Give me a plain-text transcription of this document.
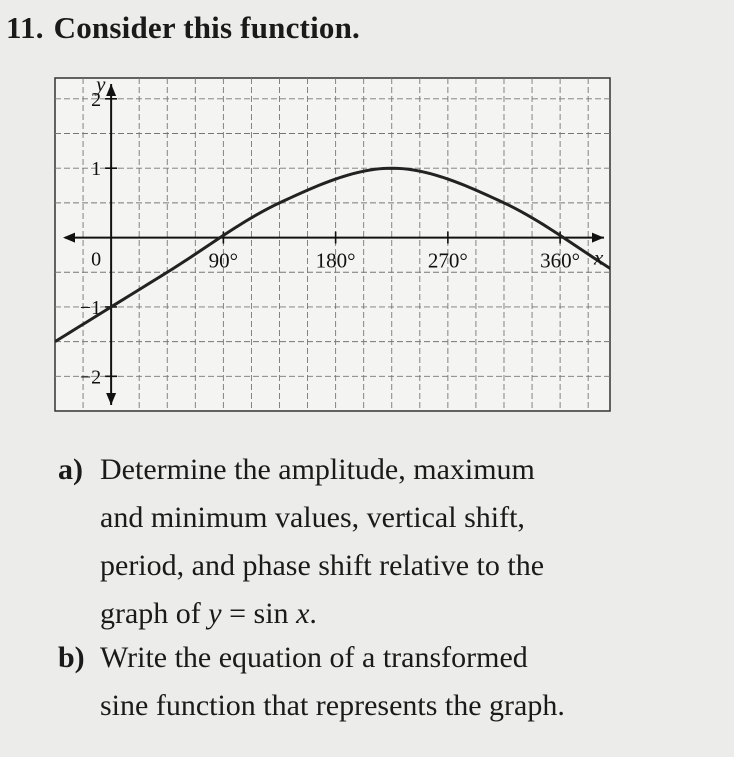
11. Consider this function.
2
1
0
−1
−2
90°	180°	270°	360° x
y
a) Determine the amplitude, maximum
and minimum values, vertical shift,
period, and phase shift relative to the
graph of y = sin x.
b) Write the equation of a transformed
sine function that represents the graph.
